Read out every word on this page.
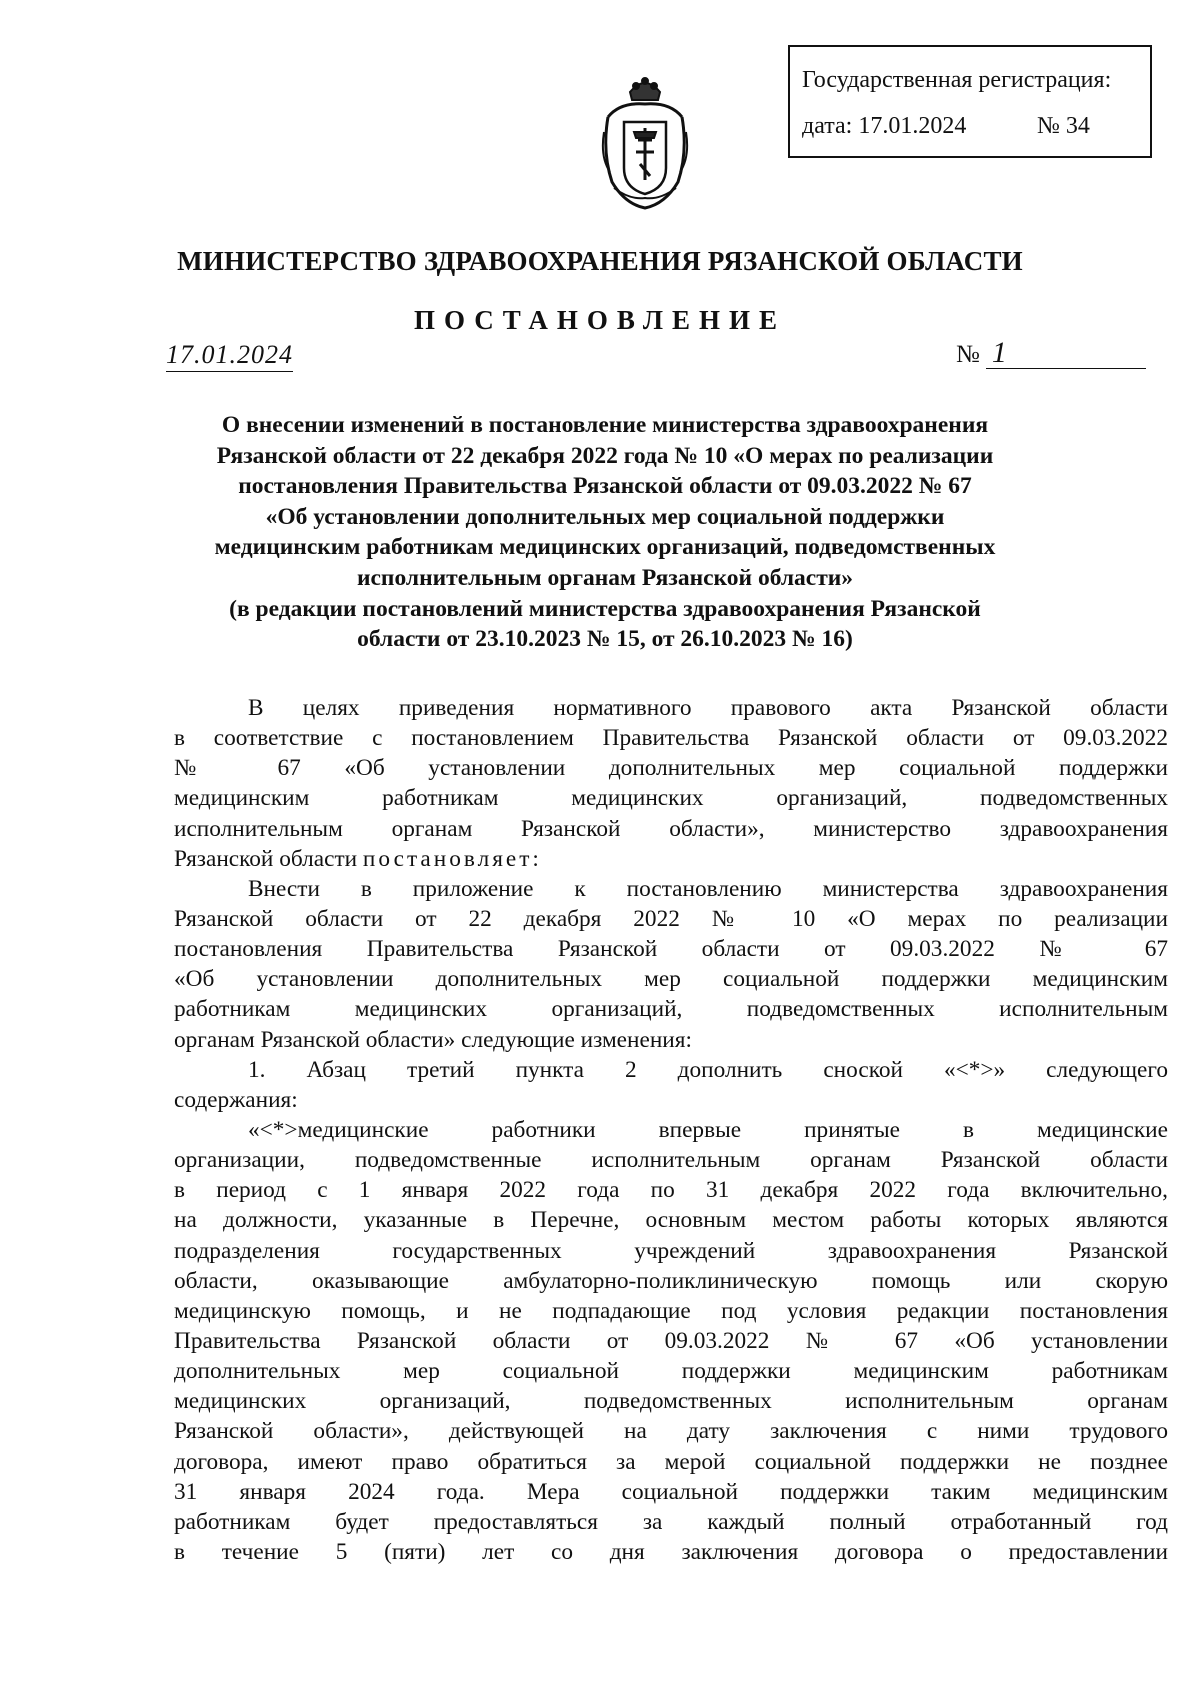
Государственная регистрация:
дата: 17.01.2024	№ 34
МИНИСТЕРСТВО ЗДРАВООХРАНЕНИЯ РЯЗАНСКОЙ ОБЛАСТИ
ПОСТАНОВЛЕНИЕ
17.01.2024	№ 1
О внесении изменений в постановление министерства здравоохранения
Рязанской области от 22 декабря 2022 года № 10 «О мерах по реализации
постановления Правительства Рязанской области от 09.03.2022 № 67
«Об установлении дополнительных мер социальной поддержки
медицинским работникам медицинских организаций, подведомственных
исполнительным органам Рязанской области»
(в редакции постановлений министерства здравоохранения Рязанской
области от 23.10.2023 № 15, от 26.10.2023 № 16)
В целях приведения нормативного правового акта Рязанской области
в соответствие с постановлением Правительства Рязанской области от 09.03.2022
№ 67 «Об установлении дополнительных мер социальной поддержки
медицинским работникам медицинских организаций, подведомственных
исполнительным органам Рязанской области», министерство здравоохранения
Рязанской области постановляет:
Внести в приложение к постановлению министерства здравоохранения
Рязанской области от 22 декабря 2022 № 10 «О мерах по реализации
постановления Правительства Рязанской области от 09.03.2022 № 67
«Об установлении дополнительных мер социальной поддержки медицинским
работникам медицинских организаций, подведомственных исполнительным
органам Рязанской области» следующие изменения:
1. Абзац третий пункта 2 дополнить сноской «<*>» следующего
содержания:
«<*>медицинские работники впервые принятые в медицинские
организации, подведомственные исполнительным органам Рязанской области
в период с 1 января 2022 года по 31 декабря 2022 года включительно,
на должности, указанные в Перечне, основным местом работы которых являются
подразделения государственных учреждений здравоохранения Рязанской
области, оказывающие амбулаторно-поликлиническую помощь или скорую
медицинскую помощь, и не подпадающие под условия редакции постановления
Правительства Рязанской области от 09.03.2022 № 67 «Об установлении
дополнительных мер социальной поддержки медицинским работникам
медицинских организаций, подведомственных исполнительным органам
Рязанской области», действующей на дату заключения с ними трудового
договора, имеют право обратиться за мерой социальной поддержки не позднее
31 января 2024 года. Мера социальной поддержки таким медицинским
работникам будет предоставляться за каждый полный отработанный год
в течение 5 (пяти) лет со дня заключения договора о предоставлении
